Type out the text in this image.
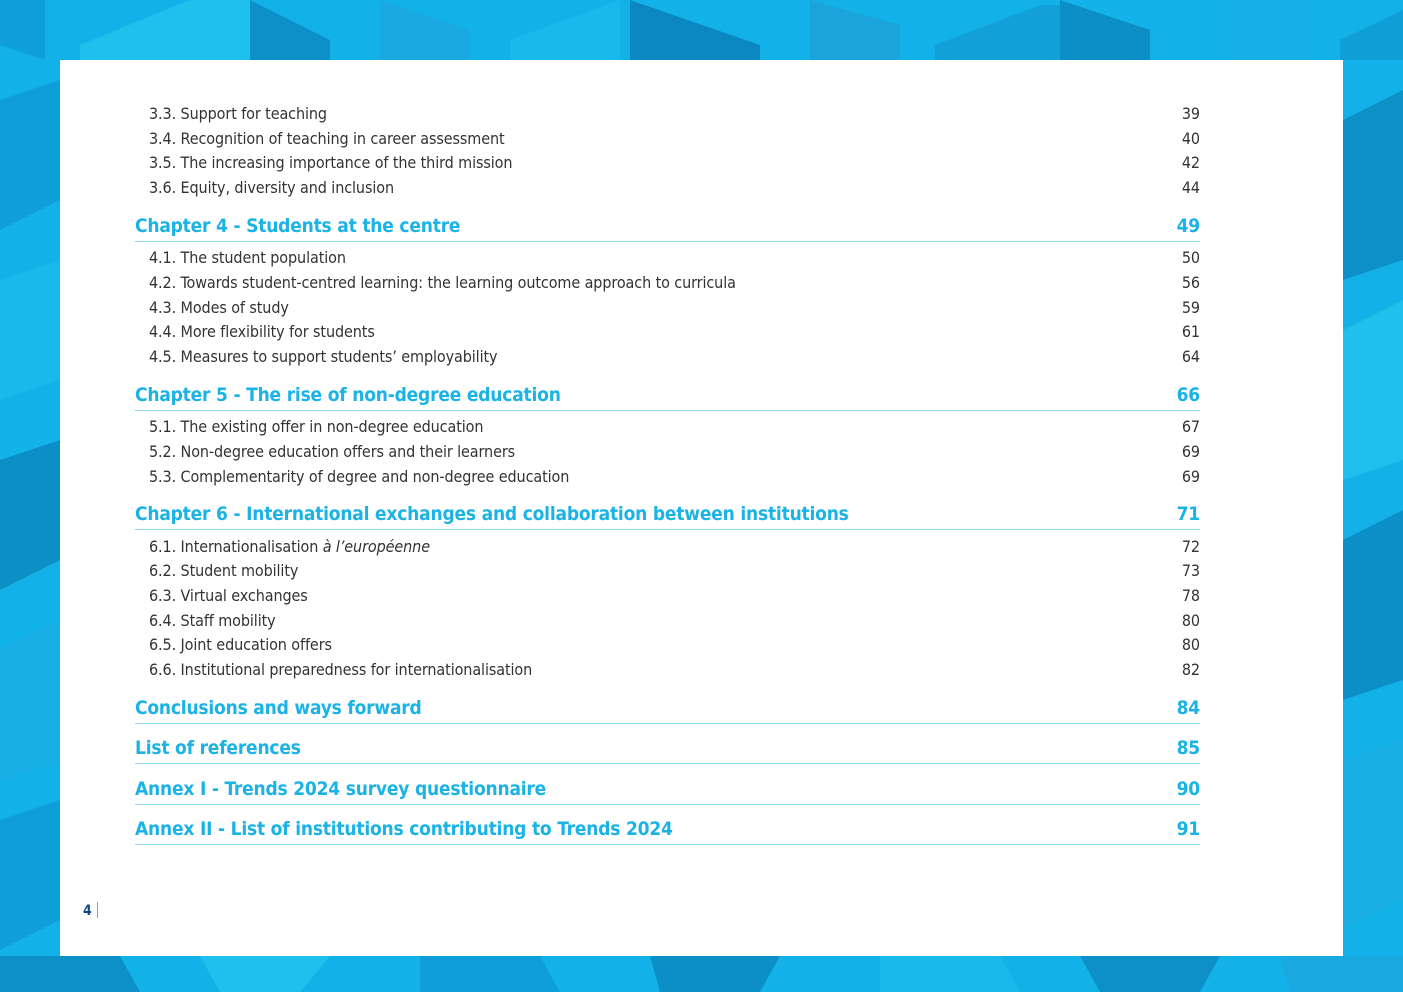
3.3. Support for teaching	39
3.4. Recognition of teaching in career assessment	40
3.5. The increasing importance of the third mission	42
3.6. Equity, diversity and inclusion	44
Chapter 4 - Students at the centre	49
4.1. The student population	50
4.2. Towards student-centred learning: the learning outcome approach to curricula	56
4.3. Modes of study	59
4.4. More flexibility for students	61
4.5. Measures to support students’ employability	64
Chapter 5 - The rise of non-degree education	66
5.1. The existing offer in non-degree education	67
5.2. Non-degree education offers and their learners	69
5.3. Complementarity of degree and non-degree education	69
Chapter 6 - International exchanges and collaboration between institutions	71
6.1. Internationalisation à l’européenne	72
6.2. Student mobility	73
6.3. Virtual exchanges	78
6.4. Staff mobility	80
6.5. Joint education offers	80
6.6. Institutional preparedness for internationalisation	82
Conclusions and ways forward	84
List of references	85
Annex I - Trends 2024 survey questionnaire	90
Annex II - List of institutions contributing to Trends 2024	91
4
